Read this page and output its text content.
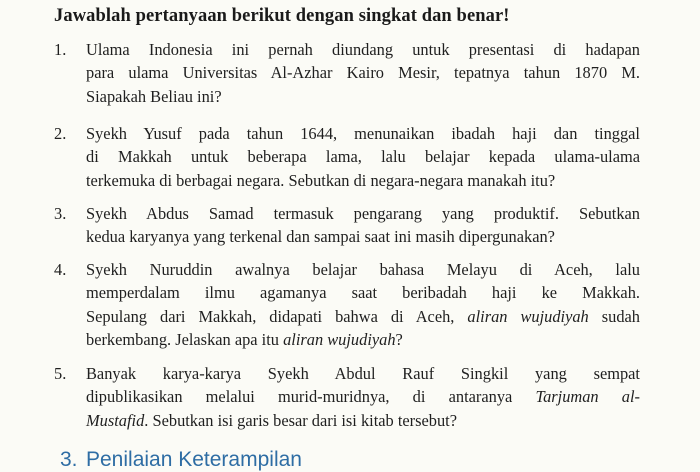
Jawablah pertanyaan berikut dengan singkat dan benar!
1.	Ulama Indonesia ini pernah diundang untuk presentasi di hadapan
para ulama Universitas Al-Azhar Kairo Mesir, tepatnya tahun 1870 M.
Siapakah Beliau ini?
2.	Syekh Yusuf pada tahun 1644, menunaikan ibadah haji dan tinggal
di Makkah untuk beberapa lama, lalu belajar kepada ulama-ulama
terkemuka di berbagai negara. Sebutkan di negara-negara manakah itu?
3.	Syekh Abdus Samad termasuk pengarang yang produktif. Sebutkan
kedua karyanya yang terkenal dan sampai saat ini masih dipergunakan?
4.	Syekh Nuruddin awalnya belajar bahasa Melayu di Aceh, lalu
memperdalam ilmu agamanya saat beribadah haji ke Makkah.
Sepulang dari Makkah, didapati bahwa di Aceh, aliran wujudiyah sudah
berkembang. Jelaskan apa itu aliran wujudiyah?
5.	Banyak karya-karya Syekh Abdul Rauf Singkil yang sempat
dipublikasikan melalui murid-muridnya, di antaranya Tarjuman al-
Mustafid. Sebutkan isi garis besar dari isi kitab tersebut?
3. Penilaian Keterampilan
